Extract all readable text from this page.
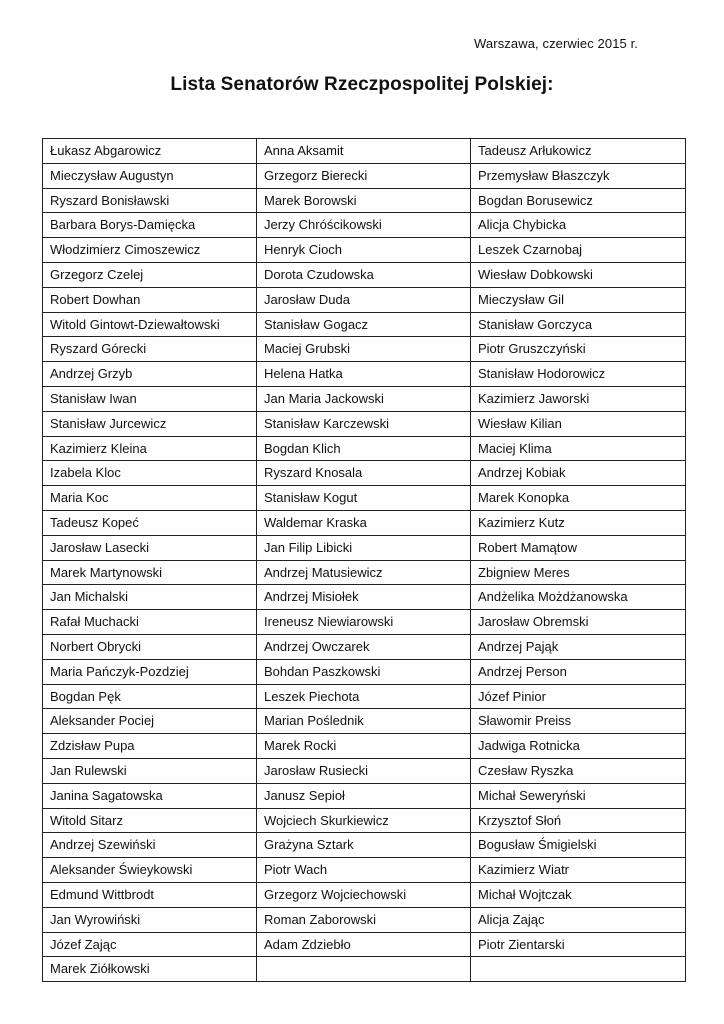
Warszawa, czerwiec 2015 r.
Lista Senatorów Rzeczpospolitej Polskiej:
Łukasz Abgarowicz	Anna Aksamit	Tadeusz Arłukowicz
Mieczysław Augustyn	Grzegorz Bierecki	Przemysław Błaszczyk
Ryszard Bonisławski	Marek Borowski	Bogdan Borusewicz
Barbara Borys-Damięcka	Jerzy Chróścikowski	Alicja Chybicka
Włodzimierz Cimoszewicz	Henryk Cioch	Leszek Czarnobaj
Grzegorz Czelej	Dorota Czudowska	Wiesław Dobkowski
Robert Dowhan	Jarosław Duda	Mieczysław Gil
Witold Gintowt-Dziewałtowski	Stanisław Gogacz	Stanisław Gorczyca
Ryszard Górecki	Maciej Grubski	Piotr Gruszczyński
Andrzej Grzyb	Helena Hatka	Stanisław Hodorowicz
Stanisław Iwan	Jan Maria Jackowski	Kazimierz Jaworski
Stanisław Jurcewicz	Stanisław Karczewski	Wiesław Kilian
Kazimierz Kleina	Bogdan Klich	Maciej Klima
Izabela Kloc	Ryszard Knosala	Andrzej Kobiak
Maria Koc	Stanisław Kogut	Marek Konopka
Tadeusz Kopeć	Waldemar Kraska	Kazimierz Kutz
Jarosław Lasecki	Jan Filip Libicki	Robert Mamątow
Marek Martynowski	Andrzej Matusiewicz	Zbigniew Meres
Jan Michalski	Andrzej Misiołek	Andżelika Możdżanowska
Rafał Muchacki	Ireneusz Niewiarowski	Jarosław Obremski
Norbert Obrycki	Andrzej Owczarek	Andrzej Pająk
Maria Pańczyk-Pozdziej	Bohdan Paszkowski	Andrzej Person
Bogdan Pęk	Leszek Piechota	Józef Pinior
Aleksander Pociej	Marian Poślednik	Sławomir Preiss
Zdzisław Pupa	Marek Rocki	Jadwiga Rotnicka
Jan Rulewski	Jarosław Rusiecki	Czesław Ryszka
Janina Sagatowska	Janusz Sepioł	Michał Seweryński
Witold Sitarz	Wojciech Skurkiewicz	Krzysztof Słoń
Andrzej Szewiński	Grażyna Sztark	Bogusław Śmigielski
Aleksander Świeykowski	Piotr Wach	Kazimierz Wiatr
Edmund Wittbrodt	Grzegorz Wojciechowski	Michał Wojtczak
Jan Wyrowiński	Roman Zaborowski	Alicja Zając
Józef Zając	Adam Zdziebło	Piotr Zientarski
Marek Ziółkowski		
